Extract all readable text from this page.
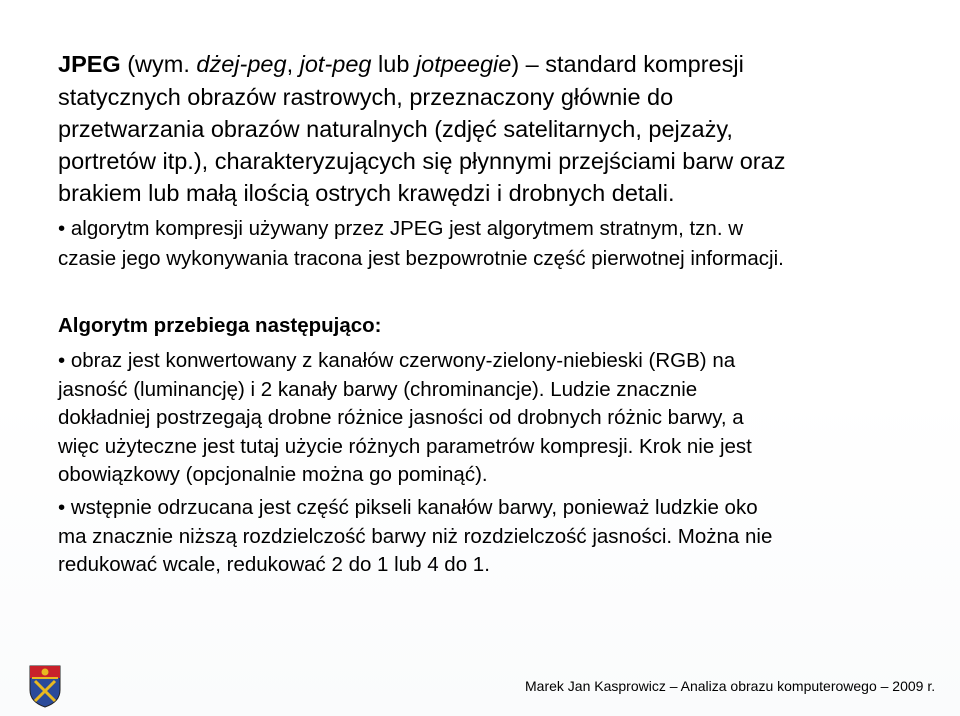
JPEG (wym. dżej-peg, jot-peg lub jotpeegie) – standard kompresji
statycznych obrazów rastrowych, przeznaczony głównie do
przetwarzania obrazów naturalnych (zdjęć satelitarnych, pejzaży,
portretów itp.), charakteryzujących się płynnymi przejściami barw oraz
brakiem lub małą ilością ostrych krawędzi i drobnych detali.
• algorytm kompresji używany przez JPEG jest algorytmem stratnym, tzn. w
czasie jego wykonywania tracona jest bezpowrotnie część pierwotnej informacji.
Algorytm przebiega następująco:
• obraz jest konwertowany z kanałów czerwony-zielony-niebieski (RGB) na
jasność (luminancję) i 2 kanały barwy (chrominancje). Ludzie znacznie
dokładniej postrzegają drobne różnice jasności od drobnych różnic barwy, a
więc użyteczne jest tutaj użycie różnych parametrów kompresji. Krok nie jest
obowiązkowy (opcjonalnie można go pominąć).
• wstępnie odrzucana jest część pikseli kanałów barwy, ponieważ ludzkie oko
ma znacznie niższą rozdzielczość barwy niż rozdzielczość jasności. Można nie
redukować wcale, redukować 2 do 1 lub 4 do 1.
Marek Jan Kasprowicz – Analiza obrazu komputerowego – 2009 r.
